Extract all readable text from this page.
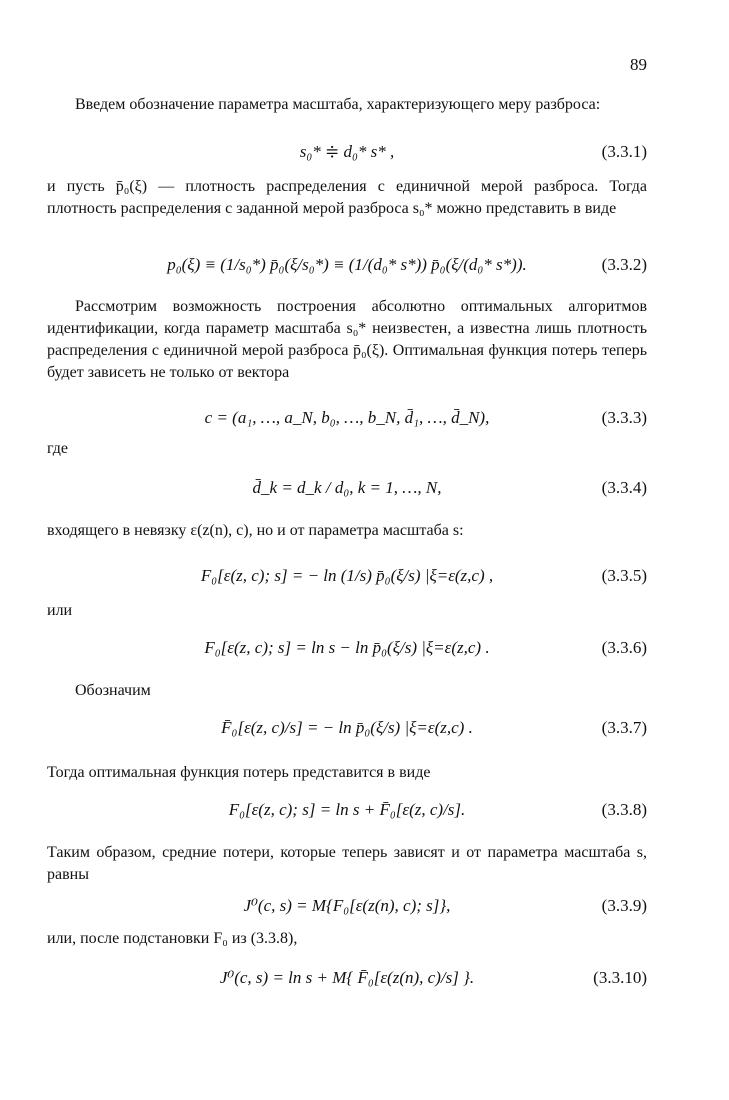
89
Введем обозначение параметра масштаба, характеризующего меру разброса:
s₀* ≑ d₀* s* ,	(3.3.1)
и пусть p̄₀(ξ) — плотность распределения с единичной мерой разброса. Тогда плотность распределения с заданной мерой разброса s₀* можно представить в виде
p₀(ξ) ≡ (1/s₀*) p̄₀(ξ/s₀*) ≡ (1/(d₀* s*)) p̄₀(ξ/(d₀* s*)).	(3.3.2)
Рассмотрим возможность построения абсолютно оптимальных алгоритмов идентификации, когда параметр масштаба s₀* неизвестен, а известна лишь плотность распределения с единичной мерой разброса p̄₀(ξ). Оптимальная функция потерь теперь будет зависеть не только от вектора
c = (a₁, …, a_N, b₀, …, b_N, d̄₁, …, d̄_N),	(3.3.3)
где
d̄_k = d_k / d₀, k = 1, …, N,	(3.3.4)
входящего в невязку ε(z(n), c), но и от параметра масштаба s:
F₀[ε(z, c); s] = − ln (1/s) p̄₀(ξ/s) |ξ=ε(z,c) ,	(3.3.5)
или
F₀[ε(z, c); s] = ln s − ln p̄₀(ξ/s) |ξ=ε(z,c) .	(3.3.6)
Обозначим
F̄₀[ε(z, c)/s] = − ln p̄₀(ξ/s) |ξ=ε(z,c) .	(3.3.7)
Тогда оптимальная функция потерь представится в виде
F₀[ε(z, c); s] = ln s + F̄₀[ε(z, c)/s].	(3.3.8)
Таким образом, средние потери, которые теперь зависят и от параметра масштаба s, равны
J⁰(c, s) = M{F₀[ε(z(n), c); s]},	(3.3.9)
или, после подстановки F₀ из (3.3.8),
J⁰(c, s) = ln s + M{ F̄₀[ε(z(n), c)/s] }.	(3.3.10)
